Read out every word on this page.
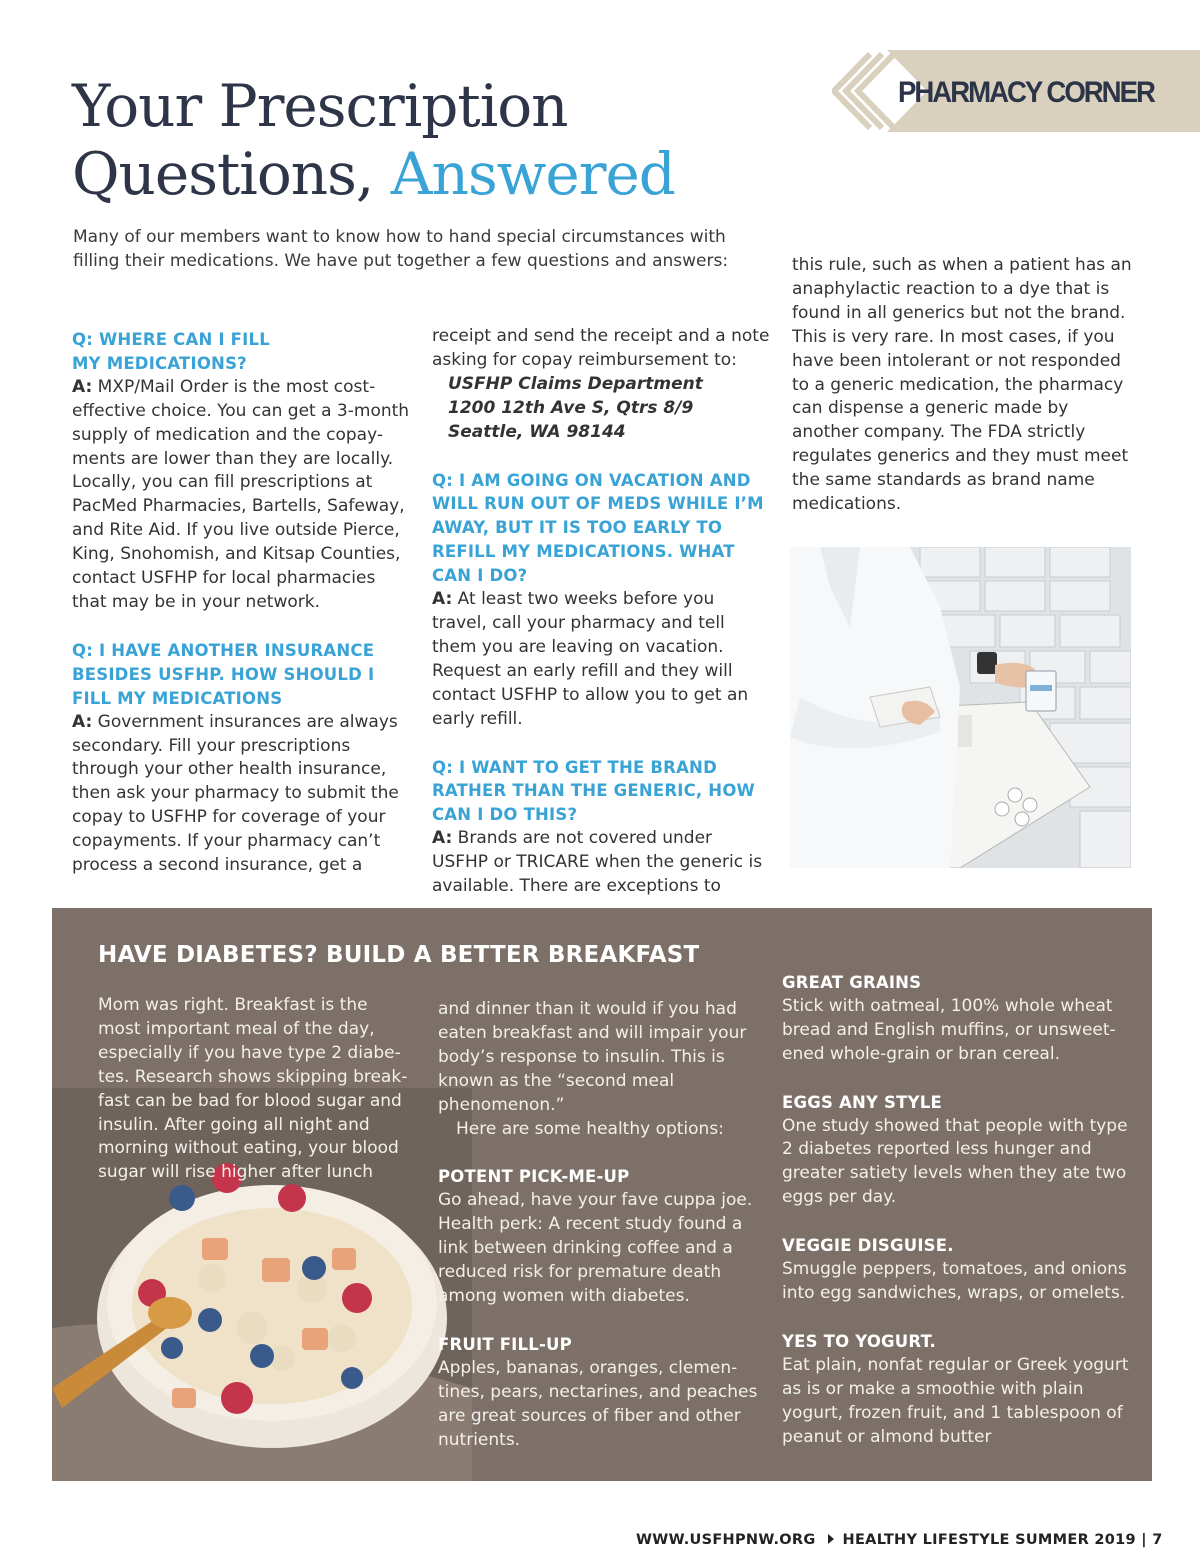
PHARMACY CORNER
Your Prescription
Questions, Answered
Many of our members want to know how to hand special circumstances with filling their medications. We have put together a few questions and answers:

Q: WHERE CAN I FILL MY MEDICATIONS?

A: MXP/Mail Order is the most cost-effective choice. You can get a 3-month supply of medication and the copay-ments are lower than they are locally. Locally, you can fill prescriptions at PacMed Pharmacies, Bartells, Safeway, and Rite Aid. If you live outside Pierce, King, Snohomish, and Kitsap Counties, contact USFHP for local pharmacies that may be in your network.

Q: I HAVE ANOTHER INSURANCE BESIDES USFHP. HOW SHOULD I FILL MY MEDICATIONS

A: Government insurances are always secondary. Fill your prescriptions through your other health insurance, then ask your pharmacy to submit the copay to USFHP for coverage of your copayments. If your pharmacy can’t process a second insurance, get a

receipt and send the receipt and a note asking for copay reimbursement to:

USFHP Claims Department

1200 12th Ave S, Qtrs 8/9

Seattle, WA 98144

Q: I AM GOING ON VACATION AND WILL RUN OUT OF MEDS WHILE I’M AWAY, BUT IT IS TOO EARLY TO REFILL MY MEDICATIONS. WHAT CAN I DO?

A: At least two weeks before you travel, call your pharmacy and tell them you are leaving on vacation. Request an early refill and they will contact USFHP to allow you to get an early refill.

Q: I WANT TO GET THE BRAND RATHER THAN THE GENERIC, HOW CAN I DO THIS?

A: Brands are not covered under USFHP or TRICARE when the generic is available. There are exceptions to

this rule, such as when a patient has an anaphylactic reaction to a dye that is found in all generics but not the brand. This is very rare. In most cases, if you have been intolerant or not responded to a generic medication, the pharmacy can dispense a generic made by another company. The FDA strictly regulates generics and they must meet the same standards as brand name medications.

HAVE DIABETES? BUILD A BETTER BREAKFAST

Mom was right. Breakfast is the most important meal of the day, especially if you have type 2 diabe-tes. Research shows skipping break-fast can be bad for blood sugar and insulin. After going all night and morning without eating, your blood sugar will rise higher after lunch

and dinner than it would if you had eaten breakfast and will impair your body’s response to insulin. This is known as the “second meal phenomenon.”

Here are some healthy options:

POTENT PICK-ME-UP

Go ahead, have your fave cuppa joe. Health perk: A recent study found a link between drinking coffee and a reduced risk for premature death among women with diabetes.

FRUIT FILL-UP

Apples, bananas, oranges, clemen-tines, pears, nectarines, and peaches are great sources of fiber and other nutrients.

GREAT GRAINS

Stick with oatmeal, 100% whole wheat bread and English muffins, or unsweet-ened whole-grain or bran cereal.

EGGS ANY STYLE

One study showed that people with type 2 diabetes reported less hunger and greater satiety levels when they ate two eggs per day.

VEGGIE DISGUISE.

Smuggle peppers, tomatoes, and onions into egg sandwiches, wraps, or omelets.

YES TO YOGURT.

Eat plain, nonfat regular or Greek yogurt as is or make a smoothie with plain yogurt, frozen fruit, and 1 tablespoon of peanut or almond butter

WWW.USFHPNW.ORG HEALTHY LIFESTYLE SUMMER 2019 | 7
